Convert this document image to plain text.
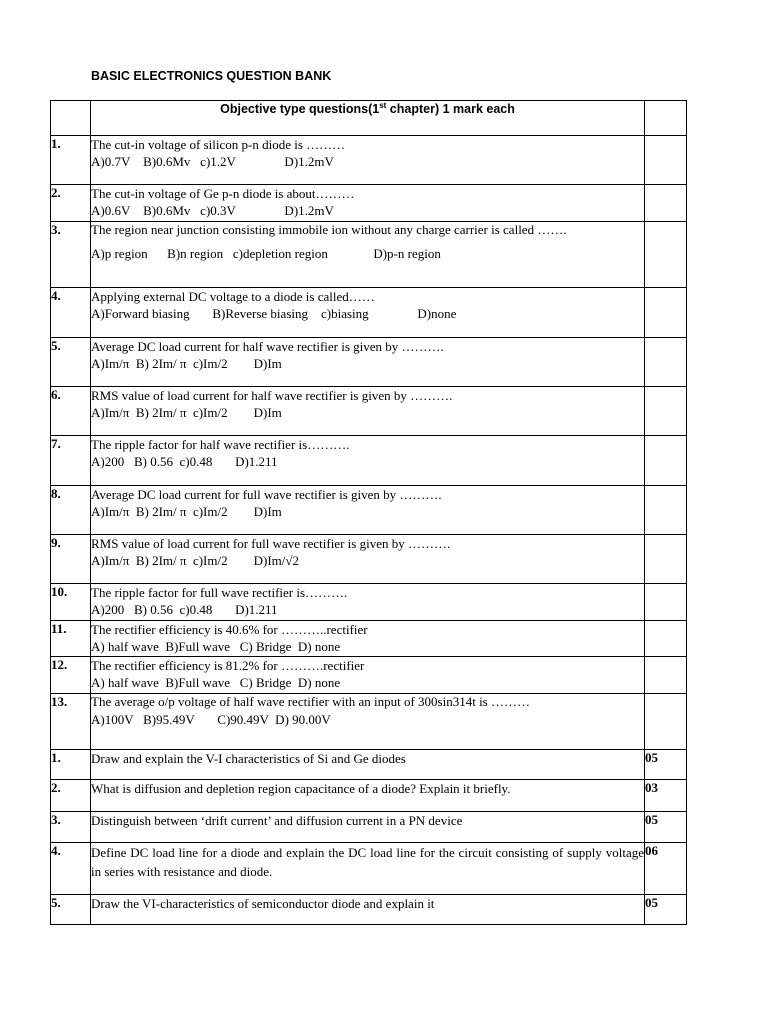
BASIC ELECTRONICS QUESTION BANK
	Objective type questions(1st chapter) 1 mark each	
1.	The cut-in voltage of silicon p-n diode is ………
A)0.7V    B)0.6Mv   c)1.2V               D)1.2mV	

2.	The cut-in voltage of Ge p-n diode is about………
A)0.6V    B)0.6Mv   c)0.3V               D)1.2mV	

3.	The region near junction consisting immobile ion without any charge carrier is called …….
A)p region      B)n region   c)depletion region              D)p-n region	

4.	Applying external DC voltage to a diode is called……
A)Forward biasing       B)Reverse biasing    c)biasing               D)none	

5.	Average DC load current for half wave rectifier is given by ……….
A)Im/π  B) 2Im/ π  c)Im/2        D)Im	

6.	RMS value of load current for half wave rectifier is given by ……….
A)Im/π  B) 2Im/ π  c)Im/2        D)Im	

7.	The ripple factor for half wave rectifier is……….
A)200   B) 0.56  c)0.48       D)1.211	

8.	Average DC load current for full wave rectifier is given by ……….
A)Im/π  B) 2Im/ π  c)Im/2        D)Im	

9.	RMS value of load current for full wave rectifier is given by ……….
A)Im/π  B) 2Im/ π  c)Im/2        D)Im/√2	

10.	The ripple factor for full wave rectifier is……….
A)200   B) 0.56  c)0.48       D)1.211	

11.	The rectifier efficiency is 40.6% for ………..rectifier
A) half wave  B)Full wave   C) Bridge  D) none	

12.	The rectifier efficiency is 81.2% for ……….rectifier
A) half wave  B)Full wave   C) Bridge  D) none	

13.	The average o/p voltage of half wave rectifier with an input of 300sin314t is ………
A)100V   B)95.49V       C)90.49V  D) 90.00V	

1.	Draw and explain the V-I characteristics of Si and Ge diodes	05
2.	What is diffusion and depletion region capacitance of a diode? Explain it briefly.	03
3.	Distinguish between ‘drift current’ and diffusion current in a PN device	05
4.	Define DC load line for a diode and explain the DC load line for the circuit consisting of supply voltage in series with resistance and diode.	06
5.	Draw the VI-characteristics of semiconductor diode and explain it	05
